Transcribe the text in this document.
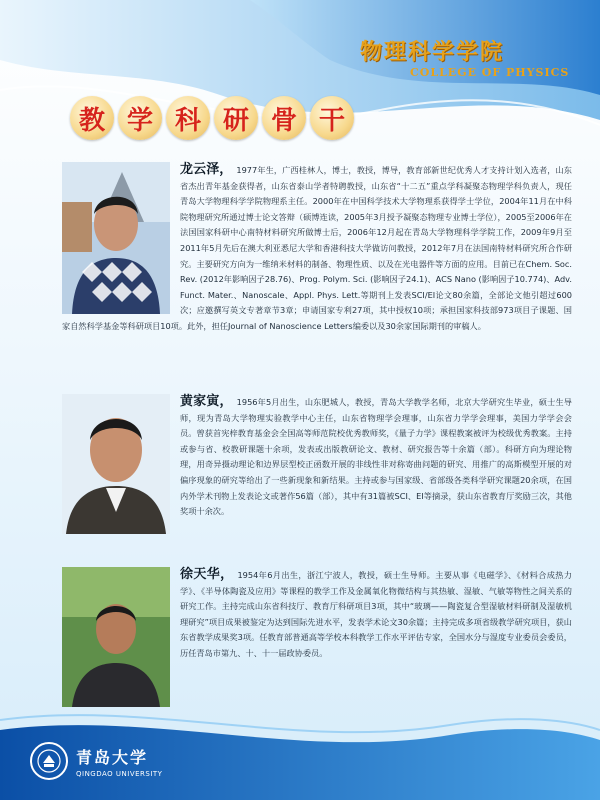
物理科学学院
COLLEGE OF PHYSICS
教 学 科 研 骨 干
龙云泽， 1977年生，广西桂林人，博士，教授，博导，教育部新世纪优秀人才支持计划入选者，山东省杰出青年基金获得者，山东省泰山学者特聘教授，山东省“十二五”重点学科凝聚态物理学科负责人，现任青岛大学物理科学学院物理系主任。2000年在中国科学技术大学物理系获得学士学位，2004年11月在中科院物理研究所通过博士论文答辩（硕博连读，2005年3月授予凝聚态物理专业博士学位），2005至2006年在法国国家科研中心南特材料研究所做博士后，2006年12月起在青岛大学物理科学学院工作，2009年9月至2011年5月先后在澳大利亚悉尼大学和香港科技大学做访问教授，2012年7月在法国南特材料研究所合作研究。主要研究方向为一维纳米材料的制备、物理性质、以及在光电器件等方面的应用。目前已在Chem. Soc. Rev. (2012年影响因子28.76)、Prog. Polym. Sci. (影响因子24.1)、ACS Nano (影响因子10.774)、Adv. Funct. Mater.、Nanoscale、Appl. Phys. Lett.等期刊上发表SCI/EI论文80余篇，全部论文他引超过600次；应邀撰写英文专著章节3章；申请国家专利27项，其中授权10项；承担国家科技部973项目子课题、国家自然科学基金等科研项目10项。此外，担任Journal of Nanoscience Letters编委以及30余家国际期刊的审稿人。
黄家寅， 1956年5月出生，山东肥城人，教授，青岛大学教学名师，北京大学研究生毕业，硕士生导师，现为青岛大学物理实验教学中心主任，山东省物理学会理事，山东省力学学会理事，美国力学学会会员。曾获首宪梓教育基金会全国高等师范院校优秀教师奖，《量子力学》课程教案被评为校级优秀教案。主持或参与省、校教研课题十余项，发表或出版教研论文、教材、研究报告等十余篇（部）。科研方向为理论物理，用奇异摄动理论和边界层型校正函数开展的非线性非对称寄曲问题的研究、用推广的高斯模型开展的对偏序现象的研究等给出了一些新现象和新结果。主持或参与国家级、省部级各类科学研究课题20余项，在国内外学术刊物上发表论文或著作56篇（部），其中有31篇被SCI、EI等摘录，获山东省教育厅奖励三次，其他奖项十余次。
徐天华， 1954年6月出生，浙江宁波人，教授，硕士生导师。主要从事《电磁学》、《材料合成热力学》、《半导体陶瓷及应用》等课程的教学工作及金属氧化物微结构与其热敏、湿敏、气敏等物性之间关系的研究工作。主持完成山东省科技厅、教育厅科研项目3项，其中“玻璃——陶瓷复合型湿敏材料研制及湿敏机理研究”项目成果被鉴定为达到国际先进水平，发表学术论文30余篇；主持完成多项省级教学研究项目，获山东省教学成果奖3项。任教育部普通高等学校本科教学工作水平评估专家，全国水分与湿度专业委员会委员，历任青岛市第九、十、十一届政协委员。
青岛大学
QINGDAO UNIVERSITY
